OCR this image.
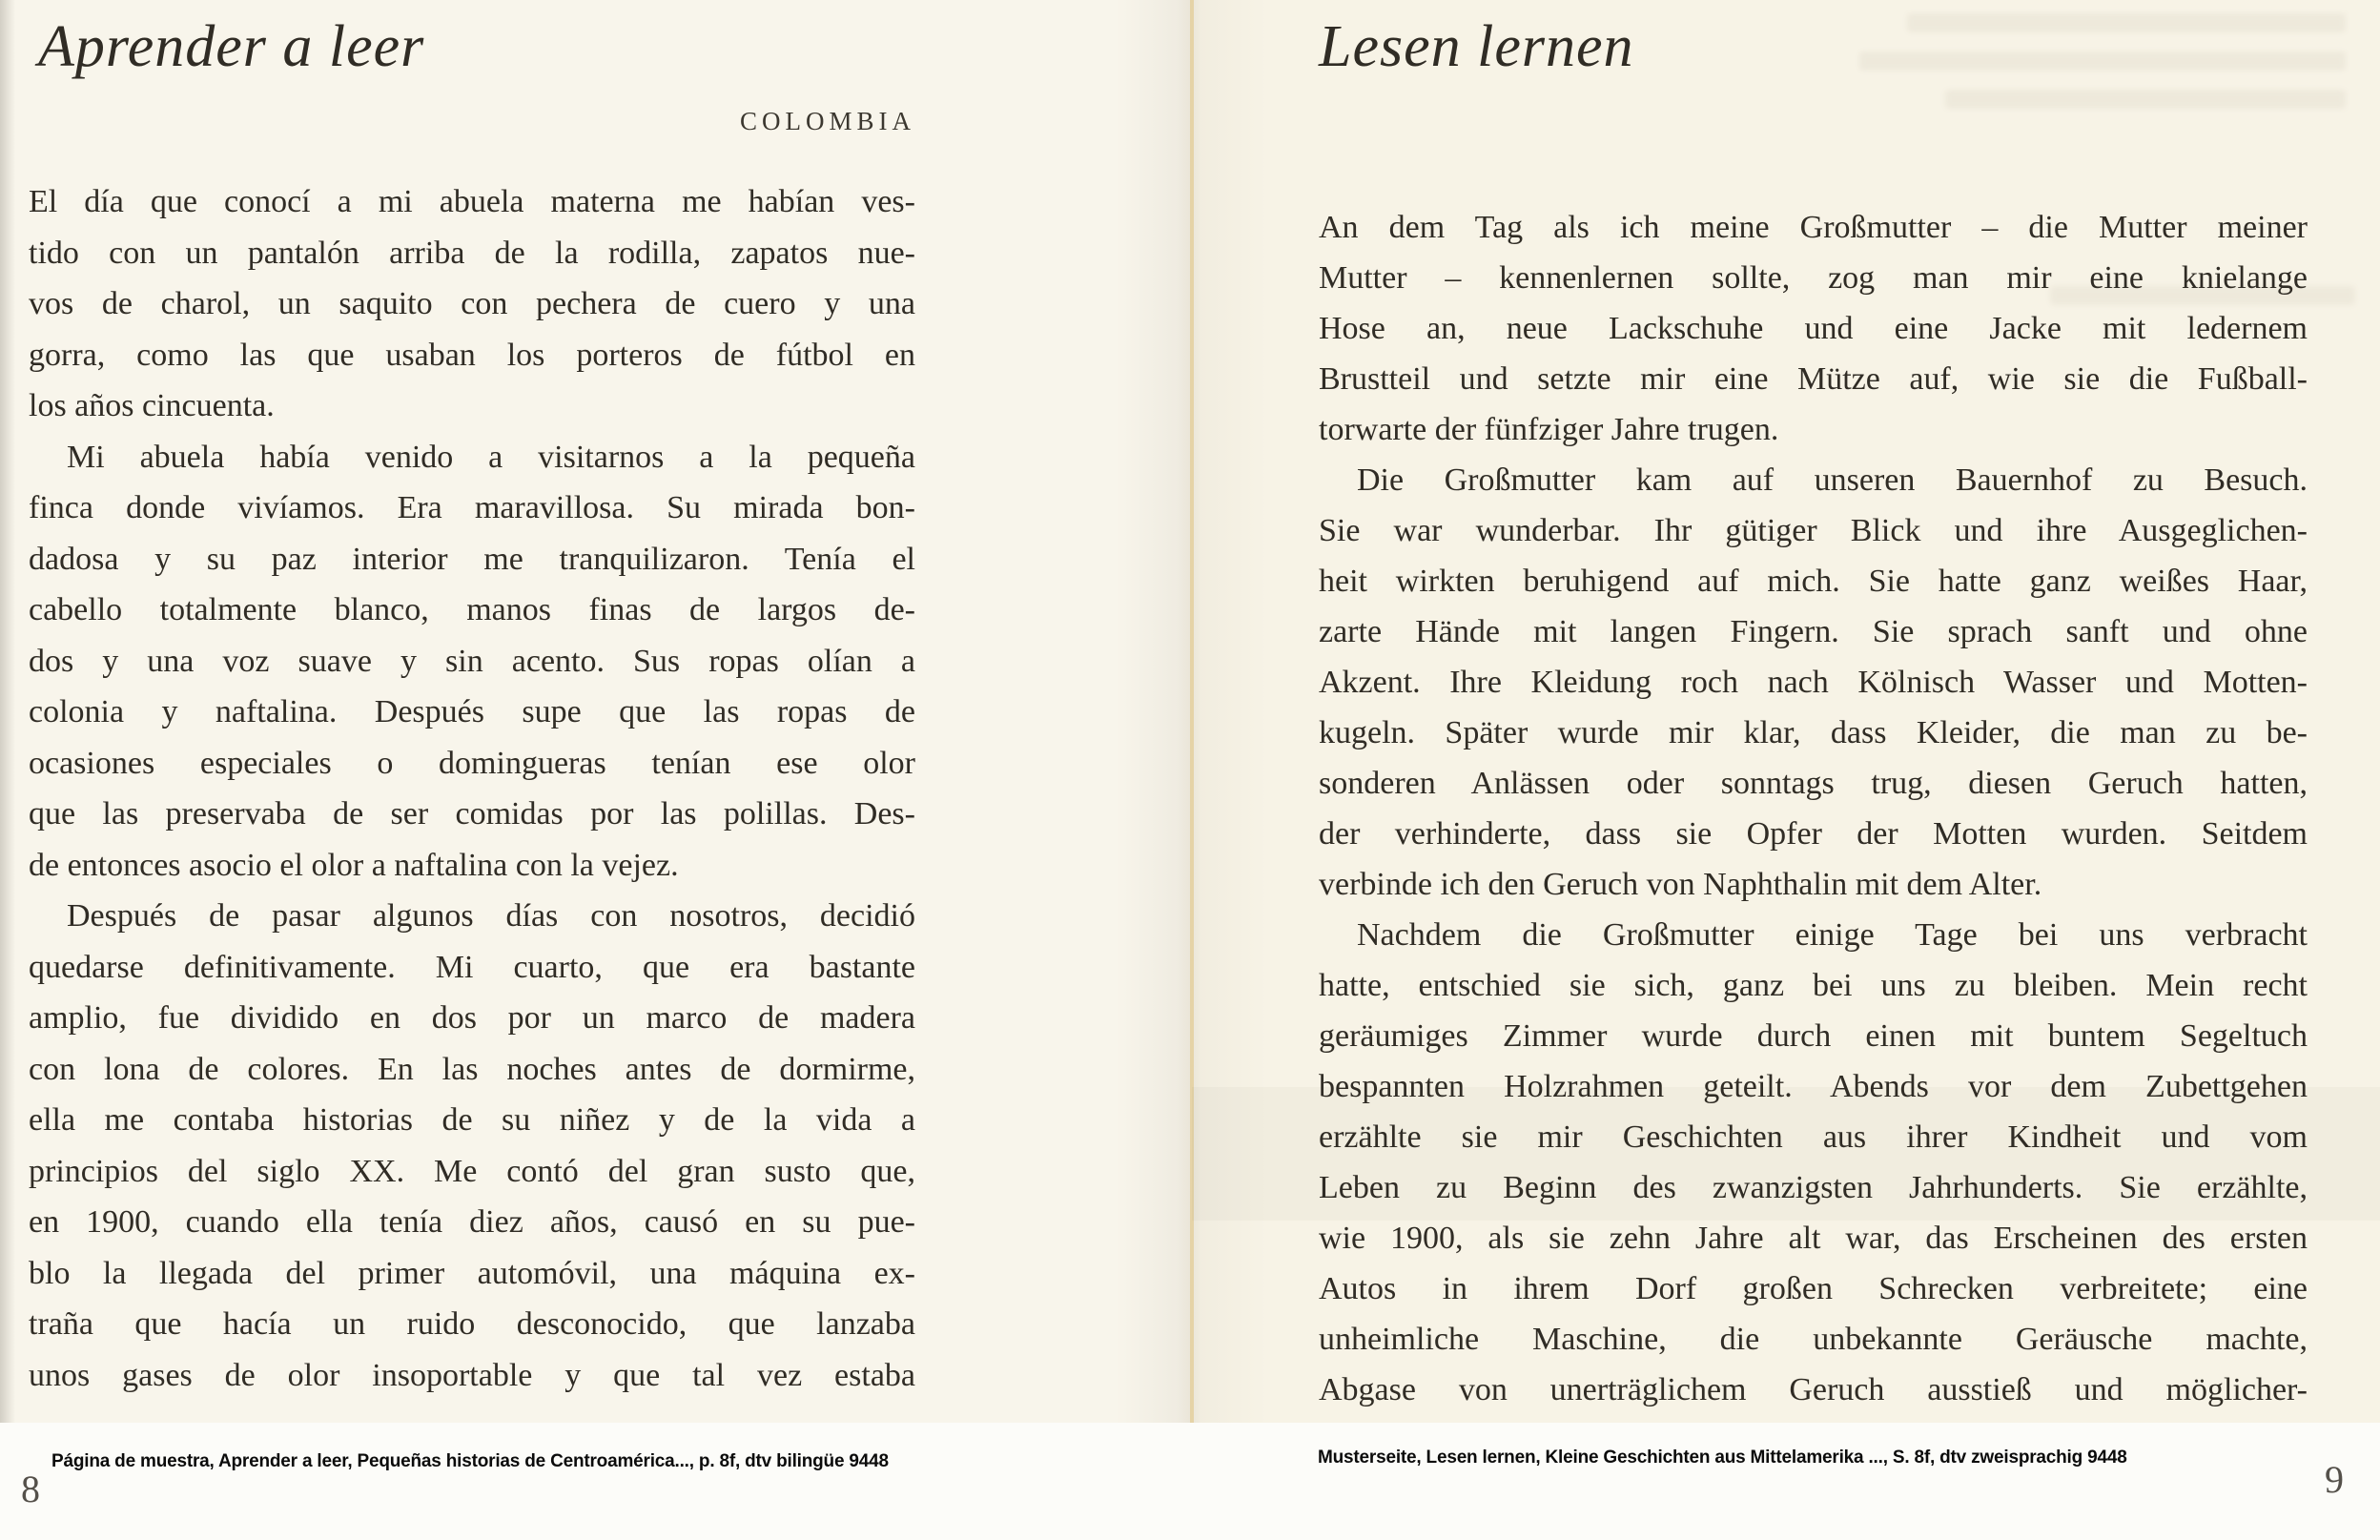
Aprender a leer
COLOMBIA
El día que conocí a mi abuela materna me habían ves-
tido con un pantalón arriba de la rodilla, zapatos nue-
vos de charol, un saquito con pechera de cuero y una
gorra, como las que usaban los porteros de fútbol en
los años cincuenta.
Mi abuela había venido a visitarnos a la pequeña
finca donde vivíamos. Era maravillosa. Su mirada bon-
dadosa y su paz interior me tranquilizaron. Tenía el
cabello totalmente blanco, manos finas de largos de-
dos y una voz suave y sin acento. Sus ropas olían a
colonia y naftalina. Después supe que las ropas de
ocasiones especiales o domingueras tenían ese olor
que las preservaba de ser comidas por las polillas. Des-
de entonces asocio el olor a naftalina con la vejez.
Después de pasar algunos días con nosotros, decidió
quedarse definitivamente. Mi cuarto, que era bastante
amplio, fue dividido en dos por un marco de madera
con lona de colores. En las noches antes de dormirme,
ella me contaba historias de su niñez y de la vida a
principios del siglo XX. Me contó del gran susto que,
en 1900, cuando ella tenía diez años, causó en su pue-
blo la llegada del primer automóvil, una máquina ex-
traña que hacía un ruido desconocido, que lanzaba
unos gases de olor insoportable y que tal vez estaba
Lesen lernen
An dem Tag als ich meine Großmutter – die Mutter meiner
Mutter – kennenlernen sollte, zog man mir eine knielange
Hose an, neue Lackschuhe und eine Jacke mit ledernem
Brustteil und setzte mir eine Mütze auf, wie sie die Fußball-
torwarte der fünfziger Jahre trugen.
Die Großmutter kam auf unseren Bauernhof zu Besuch.
Sie war wunderbar. Ihr gütiger Blick und ihre Ausgeglichen-
heit wirkten beruhigend auf mich. Sie hatte ganz weißes Haar,
zarte Hände mit langen Fingern. Sie sprach sanft und ohne
Akzent. Ihre Kleidung roch nach Kölnisch Wasser und Motten-
kugeln. Später wurde mir klar, dass Kleider, die man zu be-
sonderen Anlässen oder sonntags trug, diesen Geruch hatten,
der verhinderte, dass sie Opfer der Motten wurden. Seitdem
verbinde ich den Geruch von Naphthalin mit dem Alter.
Nachdem die Großmutter einige Tage bei uns verbracht
hatte, entschied sie sich, ganz bei uns zu bleiben. Mein recht
geräumiges Zimmer wurde durch einen mit buntem Segeltuch
bespannten Holzrahmen geteilt. Abends vor dem Zubettgehen
erzählte sie mir Geschichten aus ihrer Kindheit und vom
Leben zu Beginn des zwanzigsten Jahrhunderts. Sie erzählte,
wie 1900, als sie zehn Jahre alt war, das Erscheinen des ersten
Autos in ihrem Dorf großen Schrecken verbreitete; eine
unheimliche Maschine, die unbekannte Geräusche machte,
Abgase von unerträglichem Geruch ausstieß und möglicher-
Página de muestra, Aprender a leer, Pequeñas historias de Centroamérica..., p. 8f, dtv bilingüe 9448	Musterseite, Lesen lernen, Kleine Geschichten aus Mittelamerika ..., S. 8f, dtv zweisprachig 9448
8	9
